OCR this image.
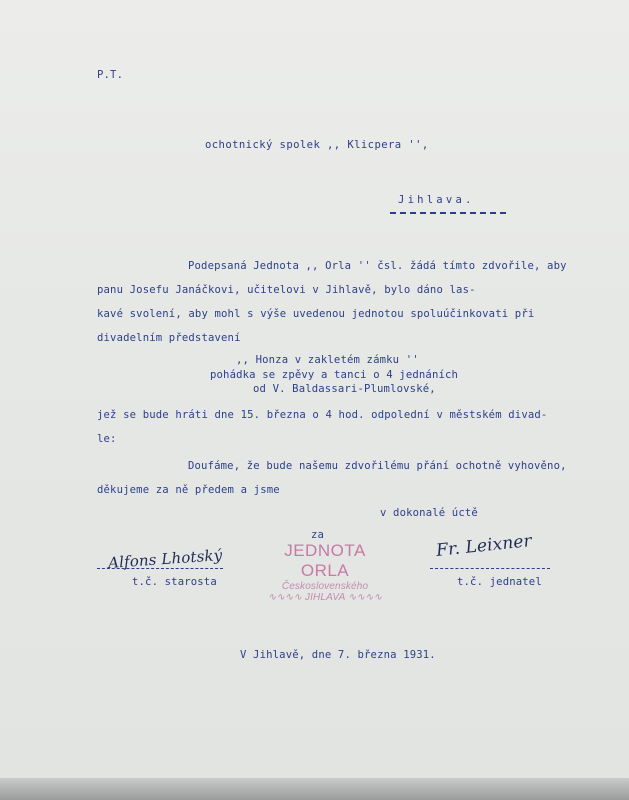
P.T.
ochotnický spolek ,, Klicpera '',
Jihlava.
Podepsaná Jednota ,, Orla '' čsl. žádá tímto zdvořile, aby
panu Josefu Janáčkovi, učitelovi v Jihlavě, bylo dáno las-
kavé svolení, aby mohl s výše uvedenou jednotou spoluúčinkovati při
divadelním představení
,, Honza v zakletém zámku ''
pohádka se zpěvy a tanci o 4 jednáních
od V. Baldassari-Plumlovské,
jež se bude hráti dne 15. března o 4 hod. odpolední v městském divad-
le:
Doufáme, že bude našemu zdvořilému přání ochotně vyhověno,
děkujeme za ně předem a jsme
v dokonalé úctě
za
Alfons Lhotský
t.č. starosta
JEDNOTA ORLA
Československého
∿∿∿∿ JIHLAVA ∿∿∿∿
Fr. Leixner
t.č. jednatel
V Jihlavě, dne 7. března 1931.
